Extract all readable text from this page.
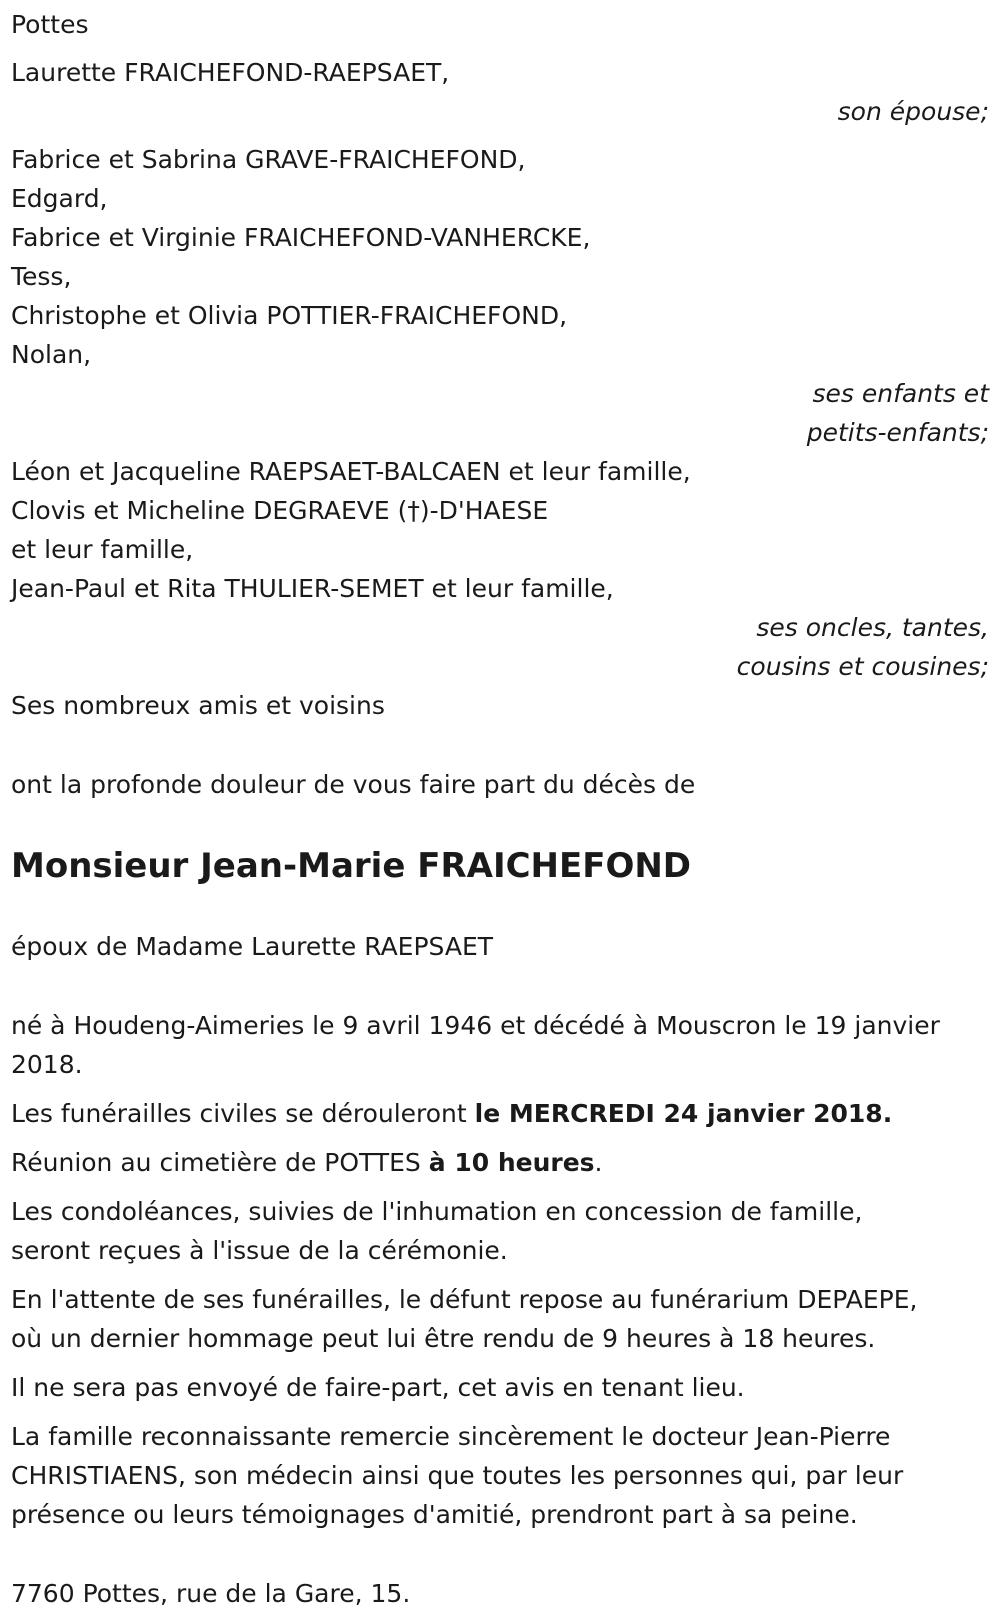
Pottes
Laurette FRAICHEFOND-RAEPSAET,
son épouse;
Fabrice et Sabrina GRAVE-FRAICHEFOND,
Edgard,
Fabrice et Virginie FRAICHEFOND-VANHERCKE,
Tess,
Christophe et Olivia POTTIER-FRAICHEFOND,
Nolan,
ses enfants et
petits-enfants;
Léon et Jacqueline RAEPSAET-BALCAEN et leur famille,
Clovis et Micheline DEGRAEVE (†)-D'HAESE
et leur famille,
Jean-Paul et Rita THULIER-SEMET et leur famille,
ses oncles, tantes,
cousins et cousines;
Ses nombreux amis et voisins
ont la profonde douleur de vous faire part du décès de
Monsieur Jean-Marie FRAICHEFOND
époux de Madame Laurette RAEPSAET
né à Houdeng-Aimeries le 9 avril 1946 et décédé à Mouscron le 19 janvier
2018.
Les funérailles civiles se dérouleront le MERCREDI 24 janvier 2018.
Réunion au cimetière de POTTES à 10 heures.
Les condoléances, suivies de l'inhumation en concession de famille,
seront reçues à l'issue de la cérémonie.
En l'attente de ses funérailles, le défunt repose au funérarium DEPAEPE,
où un dernier hommage peut lui être rendu de 9 heures à 18 heures.
Il ne sera pas envoyé de faire-part, cet avis en tenant lieu.
La famille reconnaissante remercie sincèrement le docteur Jean-Pierre
CHRISTIAENS, son médecin ainsi que toutes les personnes qui, par leur
présence ou leurs témoignages d'amitié, prendront part à sa peine.
7760 Pottes, rue de la Gare, 15.
